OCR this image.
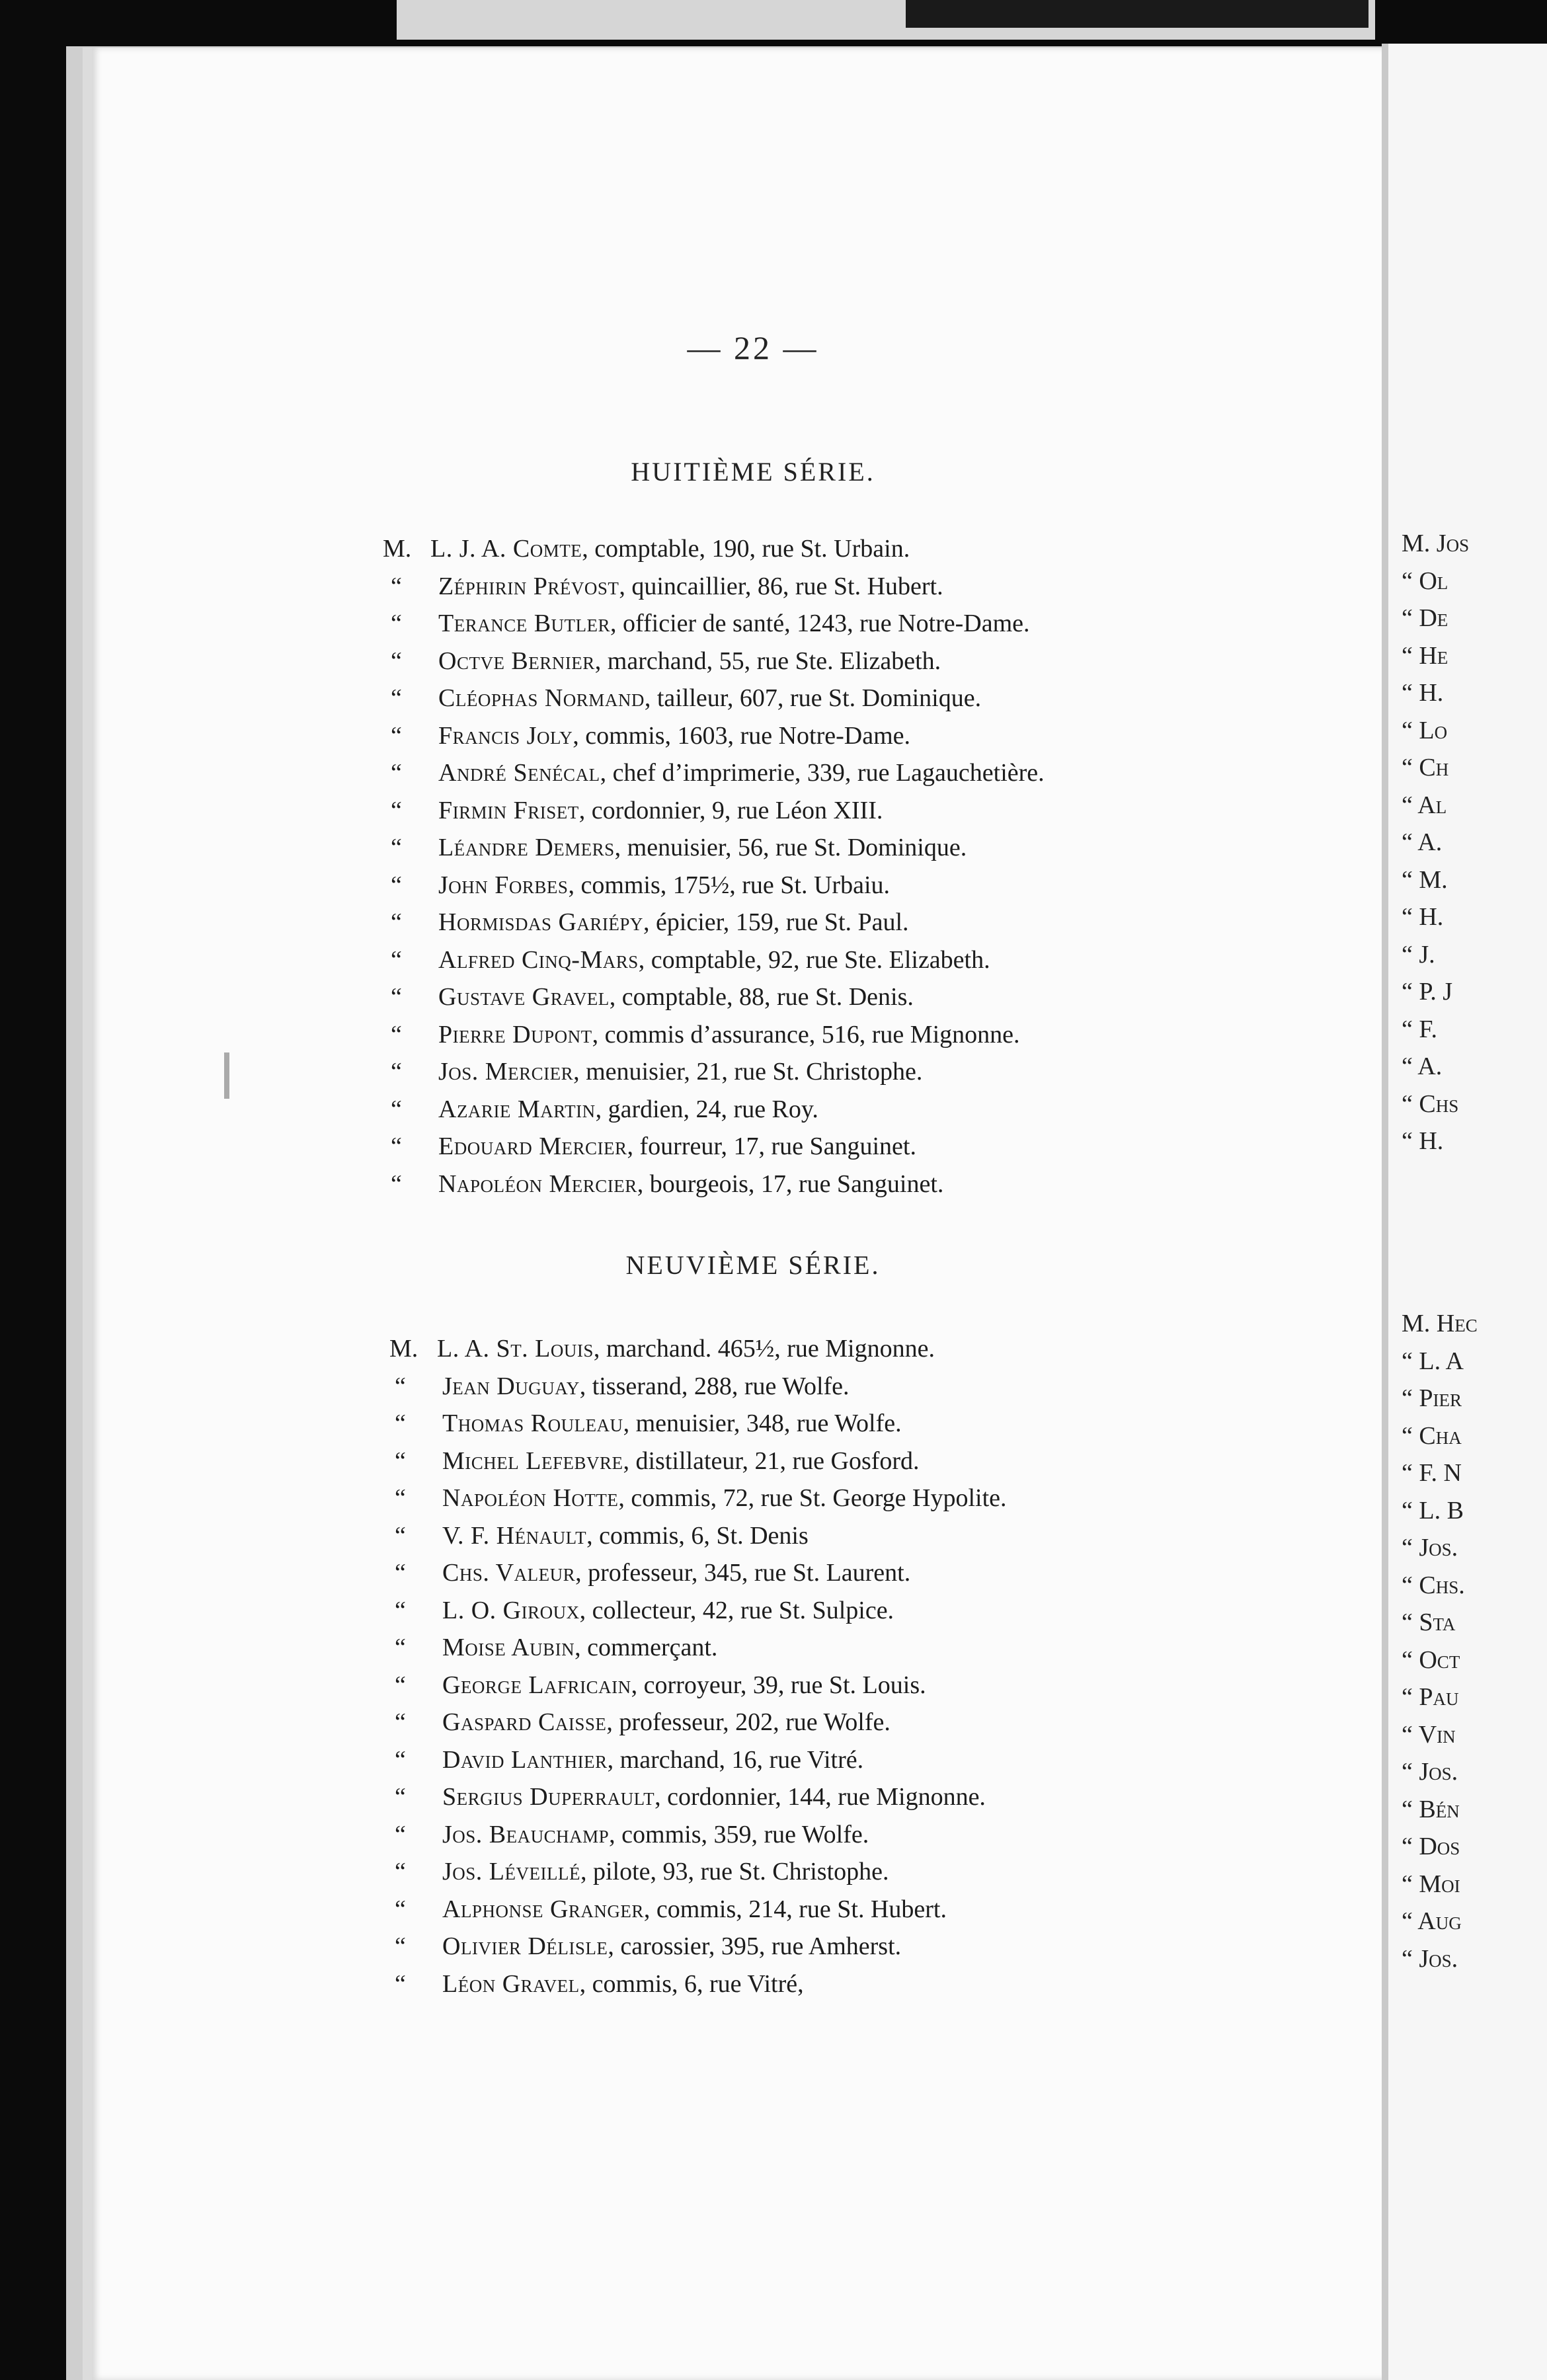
— 22 —
HUITIÈME SÉRIE.
M. L. J. A. Comte, comptable, 190, rue St. Urbain.
“ Zéphirin Prévost, quincaillier, 86, rue St. Hubert.
“ Terance Butler, officier de santé, 1243, rue Notre-Dame.
“ Octve Bernier, marchand, 55, rue Ste. Elizabeth.
“ Cléophas Normand, tailleur, 607, rue St. Dominique.
“ Francis Joly, commis, 1603, rue Notre-Dame.
“ André Senécal, chef d’imprimerie, 339, rue Lagauchetière.
“ Firmin Friset, cordonnier, 9, rue Léon XIII.
“ Léandre Demers, menuisier, 56, rue St. Dominique.
“ John Forbes, commis, 175½, rue St. Urbaiu.
“ Hormisdas Gariépy, épicier, 159, rue St. Paul.
“ Alfred Cinq-Mars, comptable, 92, rue Ste. Elizabeth.
“ Gustave Gravel, comptable, 88, rue St. Denis.
“ Pierre Dupont, commis d’assurance, 516, rue Mignonne.
“ Jos. Mercier, menuisier, 21, rue St. Christophe.
“ Azarie Martin, gardien, 24, rue Roy.
“ Edouard Mercier, fourreur, 17, rue Sanguinet.
“ Napoléon Mercier, bourgeois, 17, rue Sanguinet.
NEUVIÈME SÉRIE.
M. L. A. St. Louis, marchand. 465½, rue Mignonne.
“ Jean Duguay, tisserand, 288, rue Wolfe.
“ Thomas Rouleau, menuisier, 348, rue Wolfe.
“ Michel Lefebvre, distillateur, 21, rue Gosford.
“ Napoléon Hotte, commis, 72, rue St. George Hypolite.
“ V. F. Hénault, commis, 6, St. Denis
“ Chs. Valeur, professeur, 345, rue St. Laurent.
“ L. O. Giroux, collecteur, 42, rue St. Sulpice.
“ Moise Aubin, commerçant.
“ George Lafricain, corroyeur, 39, rue St. Louis.
“ Gaspard Caisse, professeur, 202, rue Wolfe.
“ David Lanthier, marchand, 16, rue Vitré.
“ Sergius Duperrault, cordonnier, 144, rue Mignonne.
“ Jos. Beauchamp, commis, 359, rue Wolfe.
“ Jos. Léveillé, pilote, 93, rue St. Christophe.
“ Alphonse Granger, commis, 214, rue St. Hubert.
“ Olivier Délisle, carossier, 395, rue Amherst.
“ Léon Gravel, commis, 6, rue Vitré,
M. Jos
“ Ol
“ De
“ He
“ H.
“ Lo
“ Ch
“ Al
“ A.
“ M.
“ H.
“ J.
“ P. J
“ F.
“ A.
“ Chs
“ H.
M. Hec
“ L. A
“ Pier
“ Cha
“ F. N
“ L. B
“ Jos.
“ Chs.
“ Sta
“ Oct
“ Pau
“ Vin
“ Jos.
“ Bén
“ Dos
“ Moi
“ Aug
“ Jos.
